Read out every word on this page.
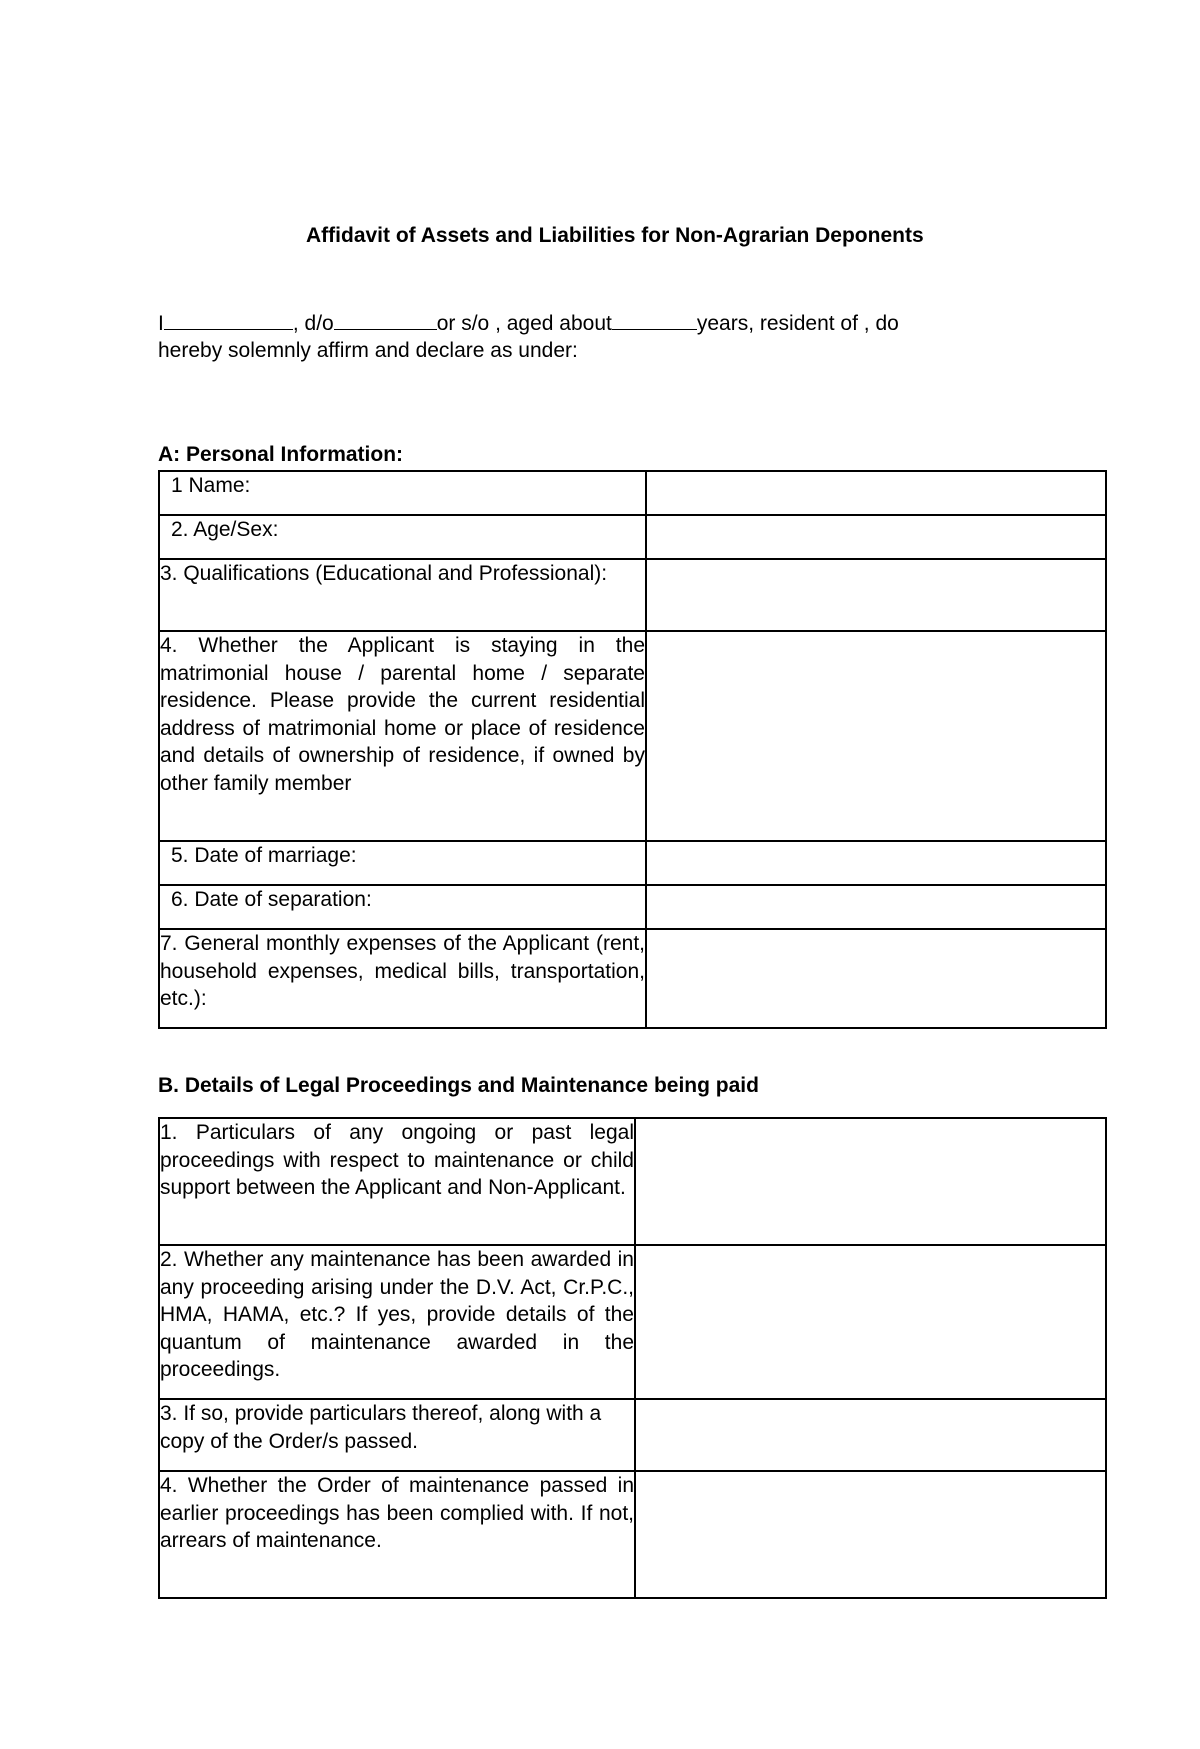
Affidavit of Assets and Liabilities for Non-Agrarian Deponents
I	, d/o	or s/o , aged about	years, resident of , do
hereby solemnly affirm and declare as under:
A: Personal Information:
1 Name:	
2. Age/Sex:	
3. Qualifications (Educational and Professional):	
4. Whether the Applicant is staying in the matrimonial house / parental home / separate residence. Please provide the current residential address of matrimonial home or place of residence and details of ownership of residence, if owned by other family member	
5. Date of marriage:	
6. Date of separation:	
7. General monthly expenses of the Applicant (rent, household expenses, medical bills, transportation, etc.):	
B. Details of Legal Proceedings and Maintenance being paid
1. Particulars of any ongoing or past legal proceedings with respect to maintenance or child support between the Applicant and Non-Applicant.	
2. Whether any maintenance has been awarded in any proceeding arising under the D.V. Act, Cr.P.C., HMA, HAMA, etc.? If yes, provide details of the quantum of maintenance awarded in the proceedings.	
3. If so, provide particulars thereof, along with a copy of the Order/s passed.	
4. Whether the Order of maintenance passed in earlier proceedings has been complied with. If not, arrears of maintenance.	
